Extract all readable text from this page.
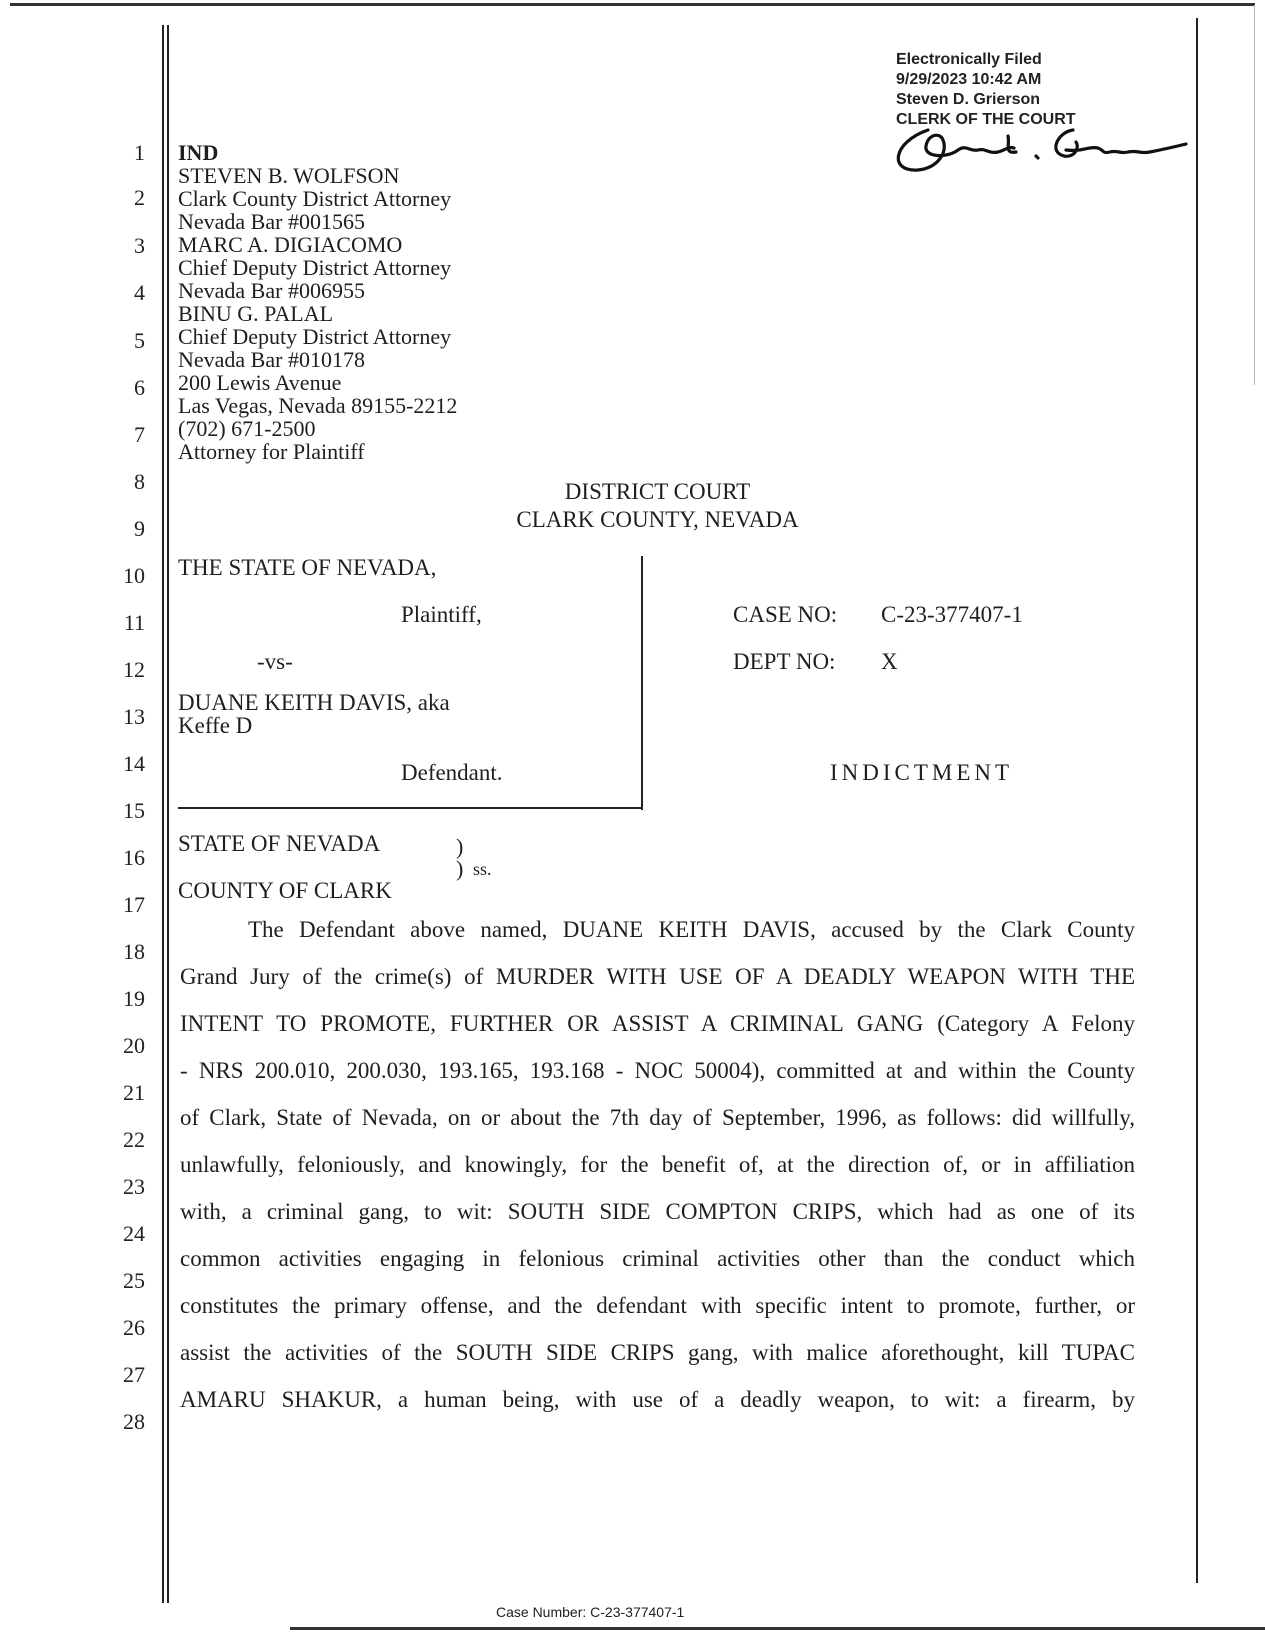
Electronically Filed
9/29/2023 10:42 AM
Steven D. Grierson
CLERK OF THE COURT
1
2
3
4
5
6
7
8
9
10
11
12
13
14
15
16
17
18
19
20
21
22
23
24
25
26
27
28
IND
STEVEN B. WOLFSON
Clark County District Attorney
Nevada Bar #001565
MARC A. DIGIACOMO
Chief Deputy District Attorney
Nevada Bar #006955
BINU G. PALAL
Chief Deputy District Attorney
Nevada Bar #010178
200 Lewis Avenue
Las Vegas, Nevada 89155-2212
(702) 671-2500
Attorney for Plaintiff
DISTRICT COURT
CLARK COUNTY, NEVADA
THE STATE OF NEVADA,
Plaintiff,
-vs-
DUANE KEITH DAVIS, aka
Keffe D
Defendant.
CASE NO: C-23-377407-1
DEPT NO: X
INDICTMENT
STATE OF NEVADA
COUNTY OF CLARK
)
) ss.
The Defendant above named, DUANE KEITH DAVIS, accused by the Clark County
Grand Jury of the crime(s) of MURDER WITH USE OF A DEADLY WEAPON WITH THE
INTENT TO PROMOTE, FURTHER OR ASSIST A CRIMINAL GANG (Category A Felony
- NRS 200.010, 200.030, 193.165, 193.168 - NOC 50004), committed at and within the County
of Clark, State of Nevada, on or about the 7th day of September, 1996, as follows: did willfully,
unlawfully, feloniously, and knowingly, for the benefit of, at the direction of, or in affiliation
with, a criminal gang, to wit: SOUTH SIDE COMPTON CRIPS, which had as one of its
common activities engaging in felonious criminal activities other than the conduct which
constitutes the primary offense, and the defendant with specific intent to promote, further, or
assist the activities of the SOUTH SIDE CRIPS gang, with malice aforethought, kill TUPAC
AMARU SHAKUR, a human being, with use of a deadly weapon, to wit: a firearm, by
Case Number: C-23-377407-1
